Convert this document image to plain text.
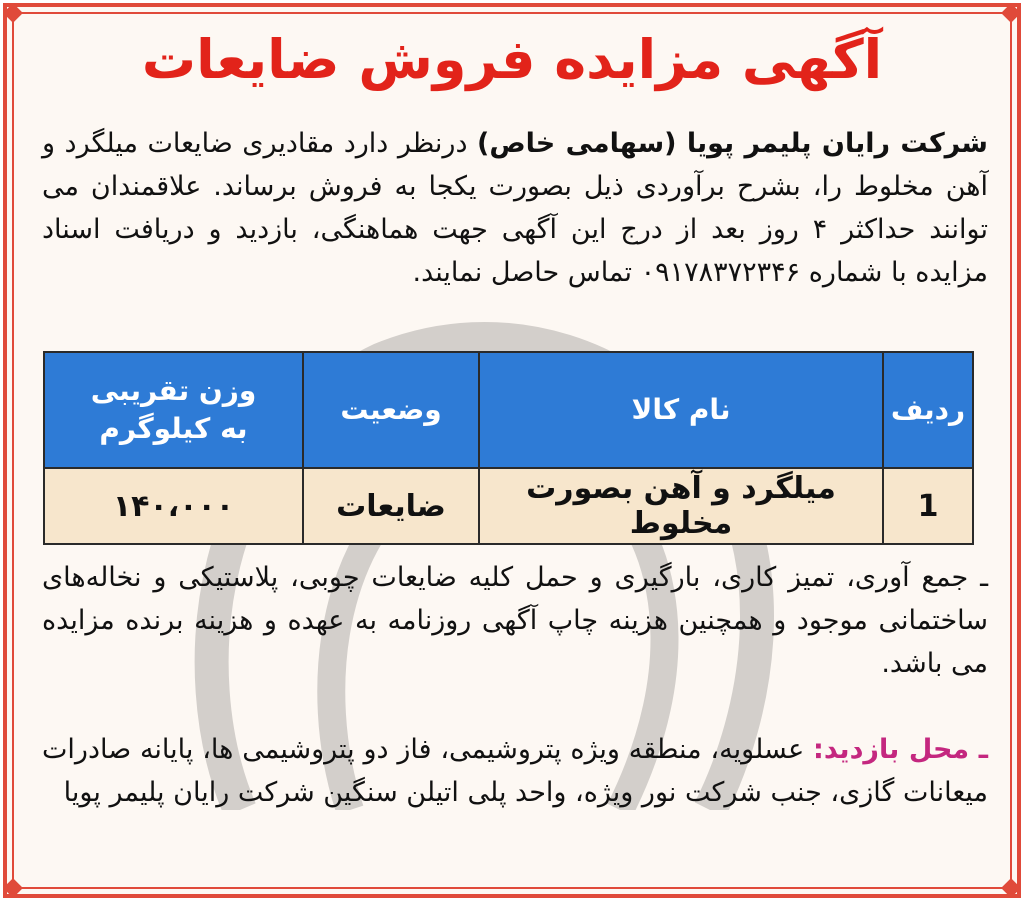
آگهی مزایده فروش ضایعات
شرکت رایان پلیمر پویا (سهامی خاص) درنظر دارد مقادیری ضایعات میلگرد و آهن مخلوط را، بشرح برآوردی ذیل بصورت یکجا به فروش برساند. علاقمندان می توانند حداکثر ۴ روز بعد از درج این آگهی جهت هماهنگی، بازدید و دریافت اسناد مزایده با شماره ۰۹۱۷۸۳۷۲۳۴۶ تماس حاصل نمایند.
ردیف	نام کالا	وضعیت	وزن تقریبی به کیلوگرم
1	میلگرد و آهن بصورت مخلوط	ضایعات	۱۴۰،۰۰۰
ـ جمع آوری، تمیز کاری، بارگیری و حمل کلیه ضایعات چوبی، پلاستیکی و نخاله‌های ساختمانی موجود و همچنین هزینه چاپ آگهی روزنامه به عهده و هزینه برنده مزایده می باشد.
ـ محل بازدید: عسلویه، منطقه ویژه پتروشیمی، فاز دو پتروشیمی ها، پایانه صادرات میعانات گازی، جنب شرکت نور ویژه، واحد پلی اتیلن سنگین شرکت رایان پلیمر پویا
